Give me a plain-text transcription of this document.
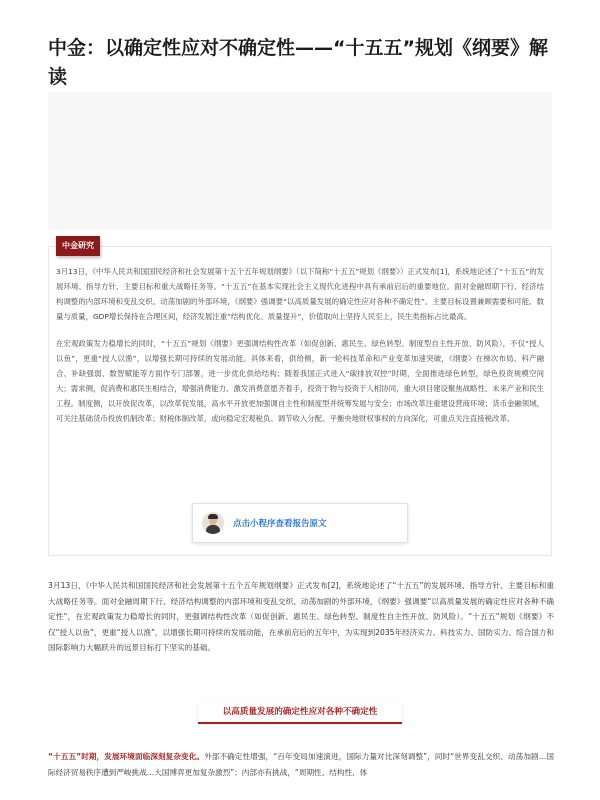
中金：以确定性应对不确定性——“十五五”规划《纲要》解读
中金研究

3月13日，《中华人民共和国国民经济和社会发展第十五个五年规划纲要》（以下简称“十五五”规划《纲要》）正式发布[1]，系统地论述了“十五五”的发展环境、指导方针、主要目标和重大战略任务等。“十五五”在基本实现社会主义现代化进程中具有承前启后的重要地位。面对金融周期下行、经济结构调整的内部环境和变乱交织、动荡加剧的外部环境，《纲要》强调要“以高质量发展的确定性应对各种不确定性”。主要目标设置兼顾需要和可能、数量与质量，GDP增长保持在合理区间，经济发展注重“结构优化、质量提升”，价值取向上坚持人民至上，民生类指标占比最高。

在宏观政策发力稳增长的同时，“十五五”规划《纲要》更强调结构性改革（如促创新、惠民生、绿色转型、制度型自主性开放、防风险），不仅“授人以鱼”，更重“授人以渔”，以增强长期可持续的发展动能。具体来看，供给侧，新一轮科技革命和产业变革加速突破，《纲要》在梯次布局、科产融合、补缺强弱、数智赋能等方面作专门部署，进一步优化供给结构；随着我国正式进入“碳排放双控”时期，全面推进绿色转型，绿色投资规模空间大；需求侧，促消费和惠民生相结合，增强消费能力、激发消费意愿齐着手，投资于物与投资于人相协同，重大项目建设聚焦战略性、未来产业和民生工程。制度侧，以开放促改革，以改革促发展，高水平开放更加强调自主性和制度型并统筹发展与安全；市场改革注重建设营商环境；货币金融领域，可关注基础货币投放机制改革；财税体制改革，或向稳定宏观税负、调节收入分配、平衡央地财权事权的方向深化，可重点关注直接税改革。

点击小程序查看报告原文

3月13日，《中华人民共和国国民经济和社会发展第十五个五年规划纲要》正式发布[2]，系统地论述了“十五五”的发展环境、指导方针、主要目标和重大战略任务等。面对金融周期下行、经济结构调整的内部环境和变乱交织、动荡加剧的外部环境，《纲要》强调要“以高质量发展的确定性应对各种不确定性”，在宏观政策发力稳增长的同时，更强调结构性改革（如促创新、惠民生、绿色转型、制度性自主性开放、防风险）。“十五五”规划《纲要》不仅“授人以鱼”，更重“授人以渔”，以增强长期可持续的发展动能，在承前启后的五年中，为实现到2035年经济实力、科技实力、国防实力、综合国力和国际影响力大幅跃升的远景目标打下坚实的基础。

以高质量发展的确定性应对各种不确定性

“十五五”时期，发展环境面临深刻复杂变化。外部不确定性增强，“百年变局加速演进，国际力量对比深刻调整”，同时“世界变乱交织、动荡加剧…国际经济贸易秩序遭到严峻挑战…大国博弈更加复杂激烈”；内部亦有挑战，“周期性、结构性、体
